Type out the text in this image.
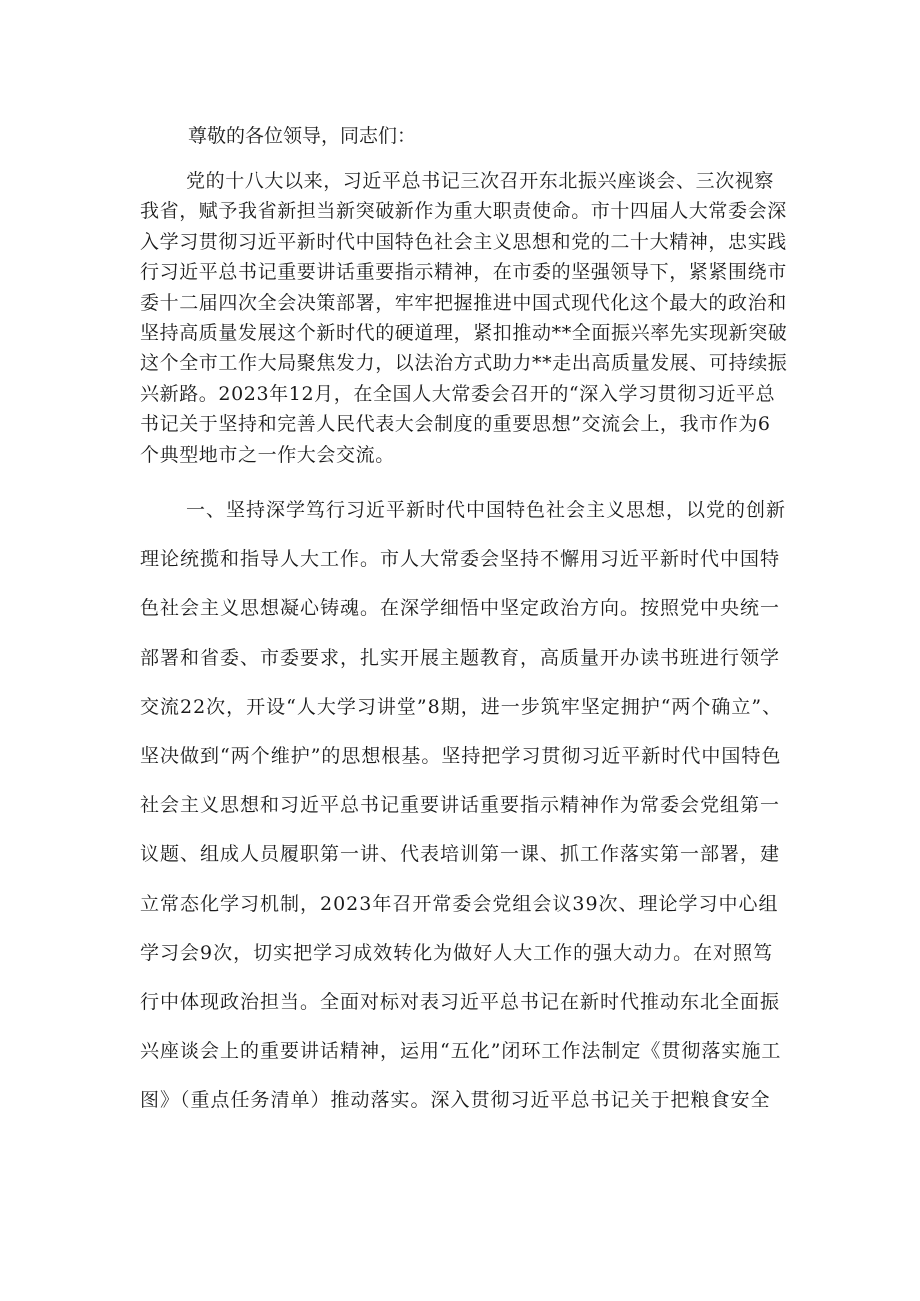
尊敬的各位领导，同志们：

党的十八大以来，习近平总书记三次召开东北振兴座谈会、三次视察我省，赋予我省新担当新突破新作为重大职责使命。市十四届人大常委会深入学习贯彻习近平新时代中国特色社会主义思想和党的二十大精神，忠实践行习近平总书记重要讲话重要指示精神，在市委的坚强领导下，紧紧围绕市委十二届四次全会决策部署，牢牢把握推进中国式现代化这个最大的政治和坚持高质量发展这个新时代的硬道理，紧扣推动**全面振兴率先实现新突破这个全市工作大局聚焦发力，以法治方式助力**走出高质量发展、可持续振兴新路。2023年12月，在全国人大常委会召开的“深入学习贯彻习近平总书记关于坚持和完善人民代表大会制度的重要思想”交流会上，我市作为6个典型地市之一作大会交流。

一、坚持深学笃行习近平新时代中国特色社会主义思想，以党的创新理论统揽和指导人大工作。市人大常委会坚持不懈用习近平新时代中国特色社会主义思想凝心铸魂。在深学细悟中坚定政治方向。按照党中央统一部署和省委、市委要求，扎实开展主题教育，高质量开办读书班进行领学交流22次，开设“人大学习讲堂”8期，进一步筑牢坚定拥护“两个确立”、坚决做到“两个维护”的思想根基。坚持把学习贯彻习近平新时代中国特色社会主义思想和习近平总书记重要讲话重要指示精神作为常委会党组第一议题、组成人员履职第一讲、代表培训第一课、抓工作落实第一部署，建立常态化学习机制，2023年召开常委会党组会议39次、理论学习中心组学习会9次，切实把学习成效转化为做好人大工作的强大动力。在对照笃行中体现政治担当。全面对标对表习近平总书记在新时代推动东北全面振兴座谈会上的重要讲话精神，运用“五化”闭环工作法制定《贯彻落实施工图》（重点任务清单）推动落实。深入贯彻习近平总书记关于把粮食安全
